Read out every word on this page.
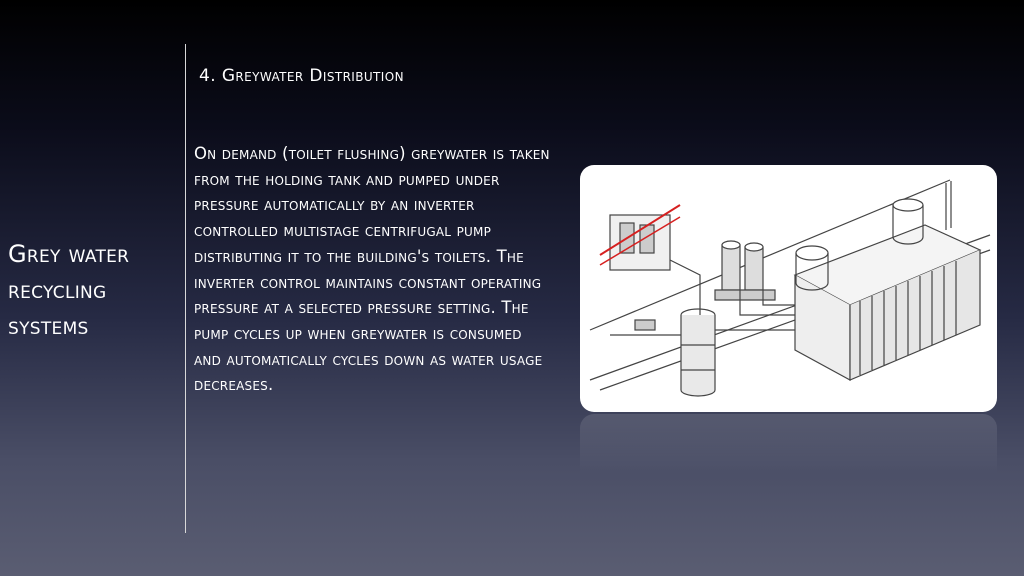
Grey water recycling systems
4. Greywater Distribution
On demand (toilet flushing) greywater is taken from the holding tank and pumped under pressure automatically by an inverter controlled multistage centrifugal pump distributing it to the building's toilets. The inverter control maintains constant operating pressure at a selected pressure setting. The pump cycles up when greywater is consumed and automatically cycles down as water usage decreases.
